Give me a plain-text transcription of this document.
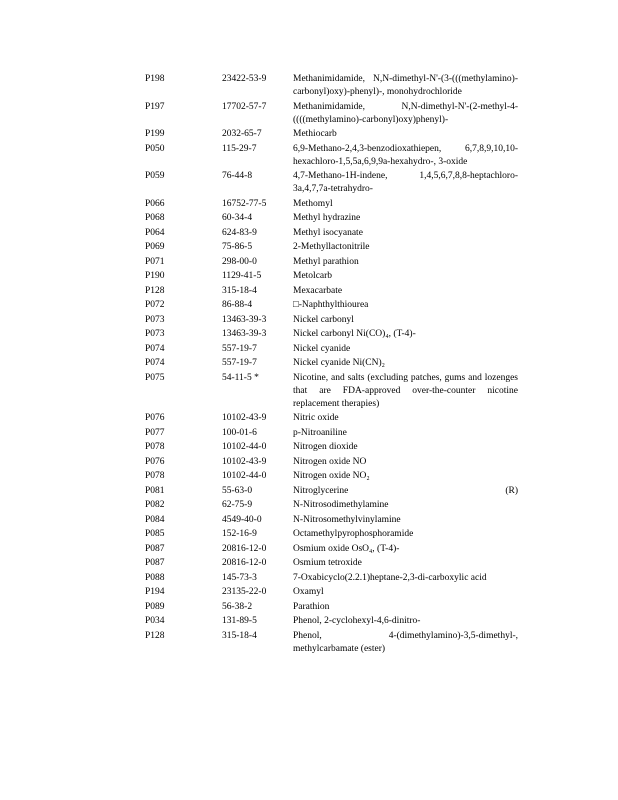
P198	23422-53-9	Methanimidamide, N,N-dimethyl-N'-(3-(((methylamino)-carbonyl)oxy)-phenyl)-, monohydrochloride
P197	17702-57-7	Methanimidamide, N,N-dimethyl-N'-(2-methyl-4-((((methylamino)-carbonyl)oxy)phenyl)-
P199	2032-65-7	Methiocarb
P050	115-29-7	6,9-Methano-2,4,3-benzodioxathiepen, 6,7,8,9,10,10-hexachloro-1,5,5a,6,9,9a-hexahydro-, 3-oxide
P059	76-44-8	4,7-Methano-1H-indene, 1,4,5,6,7,8,8-heptachloro-3a,4,7,7a-tetrahydro-
P066	16752-77-5	Methomyl
P068	60-34-4	Methyl hydrazine
P064	624-83-9	Methyl isocyanate
P069	75-86-5	2-Methyllactonitrile
P071	298-00-0	Methyl parathion
P190	1129-41-5	Metolcarb
P128	315-18-4	Mexacarbate
P072	86-88-4	□-Naphthylthiourea
P073	13463-39-3	Nickel carbonyl
P073	13463-39-3	Nickel carbonyl Ni(CO)₄, (T-4)-
P074	557-19-7	Nickel cyanide
P074	557-19-7	Nickel cyanide Ni(CN)₂
P075	54-11-5 *	Nicotine, and salts (excluding patches, gums and lozenges that are FDA-approved over-the-counter nicotine replacement therapies)
P076	10102-43-9	Nitric oxide
P077	100-01-6	p-Nitroaniline
P078	10102-44-0	Nitrogen dioxide
P076	10102-43-9	Nitrogen oxide NO
P078	10102-44-0	Nitrogen oxide NO₂
P081	55-63-0	Nitroglycerine	(R)
P082	62-75-9	N-Nitrosodimethylamine
P084	4549-40-0	N-Nitrosomethylvinylamine
P085	152-16-9	Octamethylpyrophosphoramide
P087	20816-12-0	Osmium oxide OsO₄, (T-4)-
P087	20816-12-0	Osmium tetroxide
P088	145-73-3	7-Oxabicyclo(2.2.1)heptane-2,3-di-carboxylic acid
P194	23135-22-0	Oxamyl
P089	56-38-2	Parathion
P034	131-89-5	Phenol, 2-cyclohexyl-4,6-dinitro-
P128	315-18-4	Phenol, 4-(dimethylamino)-3,5-dimethyl-, methylcarbamate (ester)
